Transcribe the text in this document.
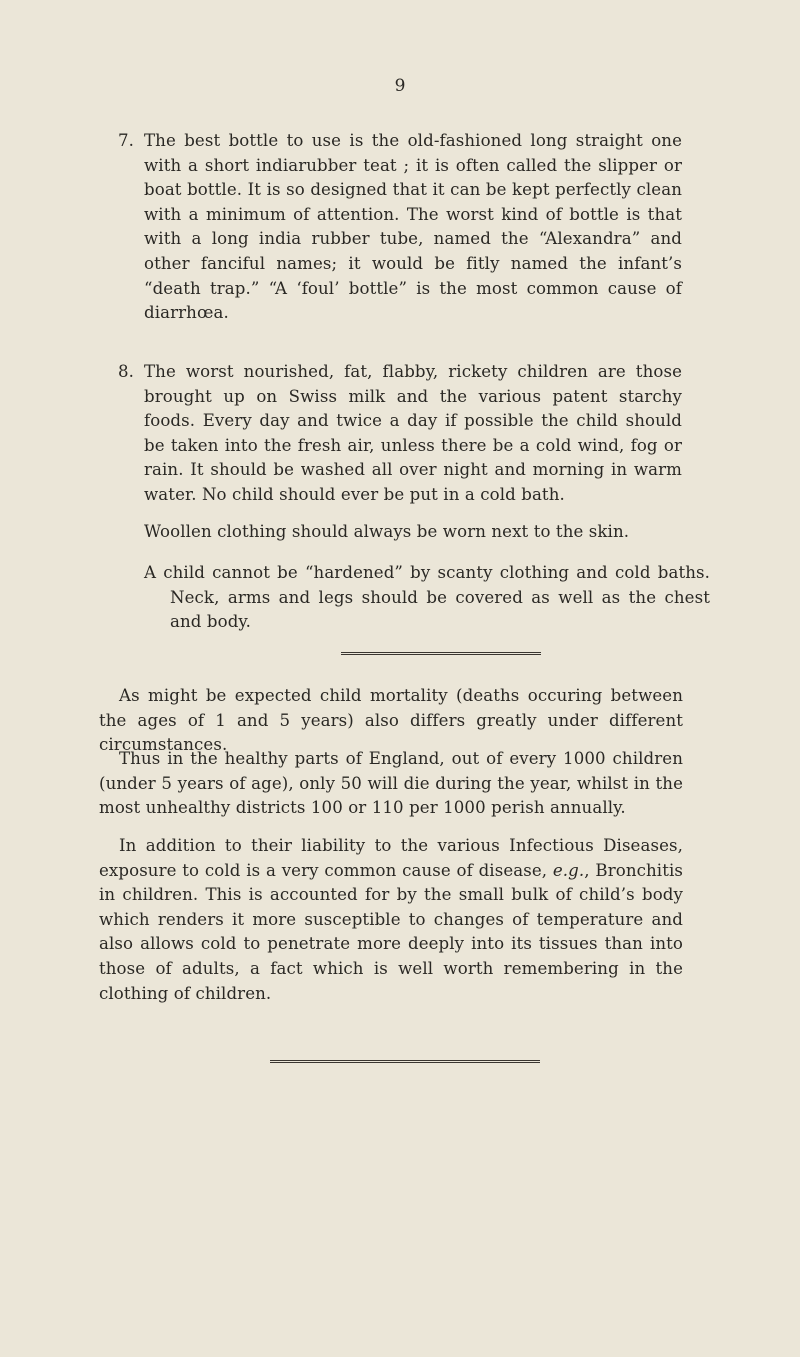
9
7. The best bottle to use is the old-fashioned long straight one with a short indiarubber teat ; it is often called the slipper or boat bottle. It is so designed that it can be kept perfectly clean with a minimum of attention. The worst kind of bottle is that with a long india rubber tube, named the “Alexandra” and other fanciful names; it would be fitly named the infant’s “death trap.” “A ‘foul’ bottle” is the most common cause of diarrhœa.
8. The worst nourished, fat, flabby, rickety children are those brought up on Swiss milk and the various patent starchy foods. Every day and twice a day if possible the child should be taken into the fresh air, unless there be a cold wind, fog or rain. It should be washed all over night and morning in warm water. No child should ever be put in a cold bath.
Woollen clothing should always be worn next to the skin.
A child cannot be “hardened” by scanty clothing and cold baths. Neck, arms and legs should be covered as well as the chest and body.
As might be expected child mortality (deaths occuring between the ages of 1 and 5 years) also differs greatly under different circumstances.
Thus in the healthy parts of England, out of every 1000 children (under 5 years of age), only 50 will die during the year, whilst in the most unhealthy districts 100 or 110 per 1000 perish annually.
In addition to their liability to the various Infectious Diseases, exposure to cold is a very common cause of disease, e.g., Bronchitis in children. This is accounted for by the small bulk of child’s body which renders it more susceptible to changes of temperature and also allows cold to penetrate more deeply into its tissues than into those of adults, a fact which is well worth remembering in the clothing of children.
